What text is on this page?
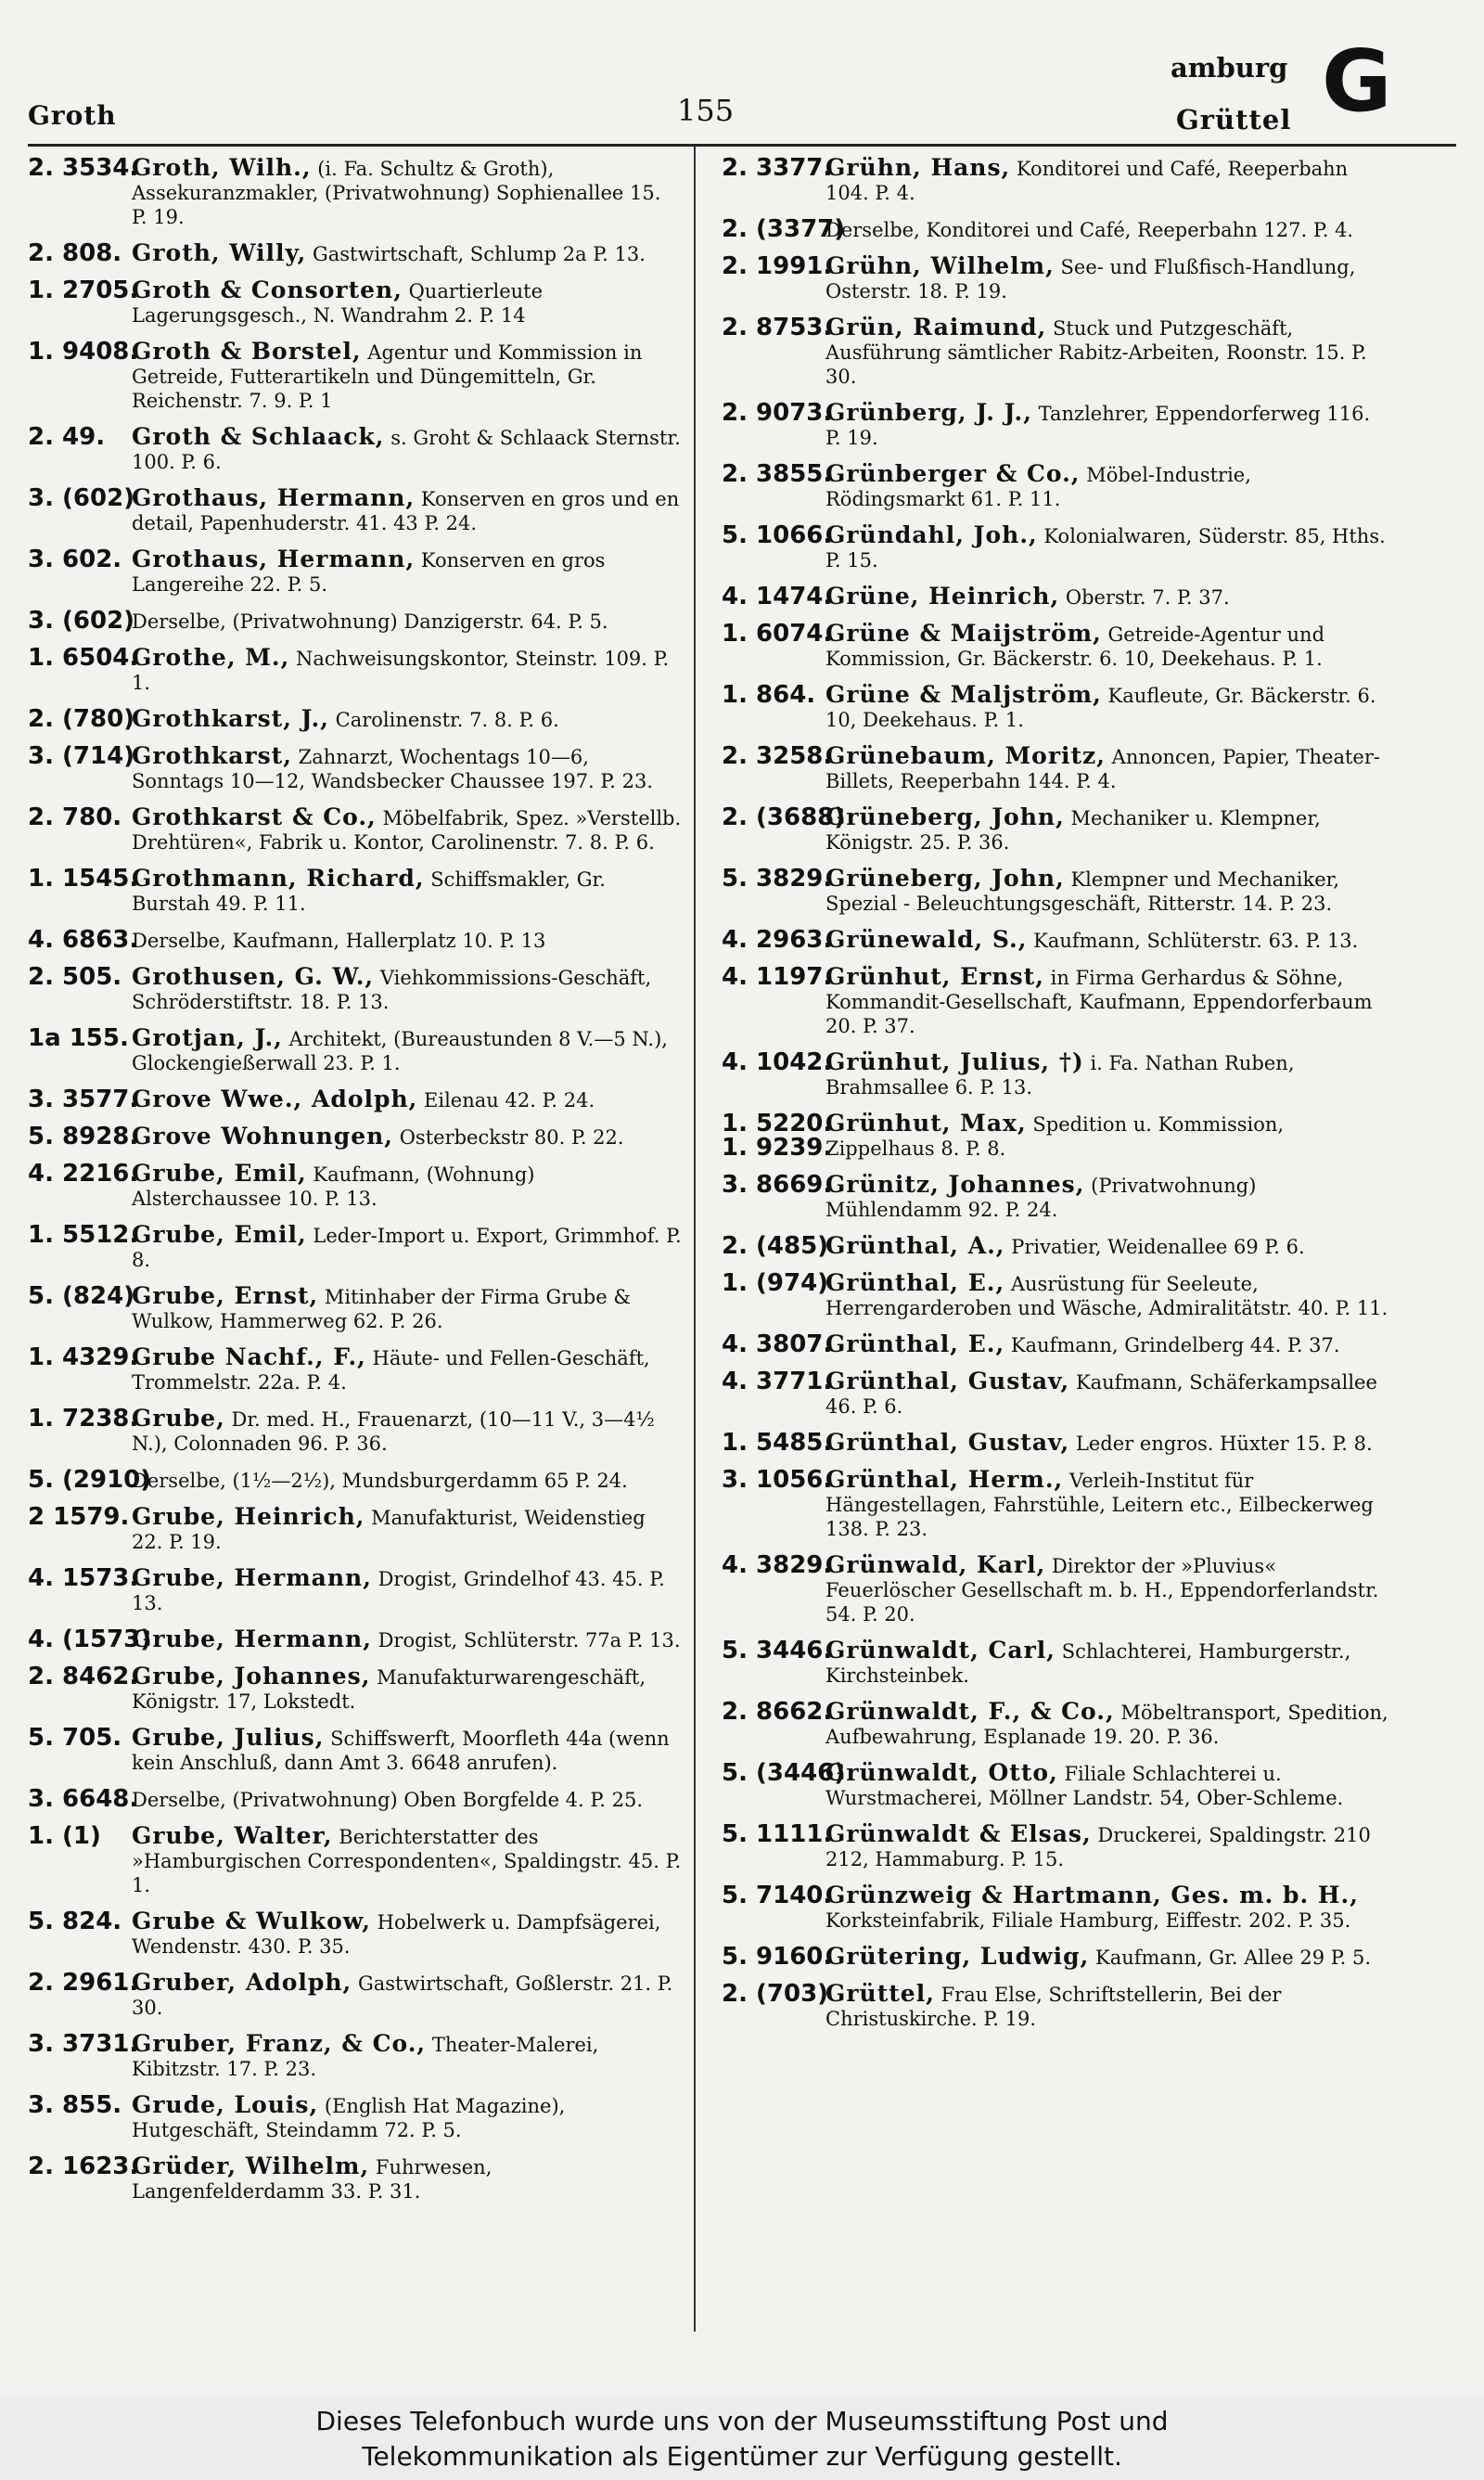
Groth	155
amburg
Grüttel G
2. 3534.
Groth, Wilh., (i. Fa. Schultz & Groth), Assekuranzmakler, (Privatwohnung) Sophienallee 15. P. 19.
2. 808. Groth, Willy, Gastwirtschaft, Schlump 2a P. 13.
1. 2705.
Groth & Consorten, Quartierleute Lagerungsgesch., N. Wandrahm 2. P. 14
1. 9408.
Groth & Borstel, Agentur und Kommission in Getreide, Futterartikeln und Düngemitteln, Gr. Reichenstr. 7. 9. P. 1
2. 49.	Groth & Schlaack, s. Groht & Schlaack Sternstr. 100. P. 6.
3. (602)
Grothaus, Hermann, Konserven en gros und en detail, Papenhuderstr. 41. 43 P. 24.
3. 602. Grothaus, Hermann, Konserven en gros Langereihe 22. P. 5.
3. (602)
Derselbe, (Privatwohnung) Danzigerstr. 64. P. 5.
1. 6504.
Grothe, M., Nachweisungskontor, Steinstr. 109. P. 1.
2. (780)
Grothkarst, J., Carolinenstr. 7. 8. P. 6.
3. (714)
Grothkarst, Zahnarzt, Wochentags 10—6, Sonntags 10—12, Wandsbecker Chaussee 197. P. 23.
2. 780. Grothkarst & Co., Möbelfabrik, Spez. »Verstellb. Drehtüren«, Fabrik u. Kontor, Carolinenstr. 7. 8. P. 6.
1. 1545.
Grothmann, Richard, Schiffsmakler, Gr. Burstah 49. P. 11.
4. 6863.
Derselbe, Kaufmann, Hallerplatz 10. P. 13
2. 505. Grothusen, G. W., Viehkommissions-Geschäft, Schröderstiftstr. 18. P. 13.
1a 155. Grotjan, J., Architekt, (Bureaustunden 8 V.—5 N.), Glockengießerwall 23. P. 1.
3. 3577.
Grove Wwe., Adolph, Eilenau 42. P. 24.
5. 8928.
Grove Wohnungen, Osterbeckstr 80. P. 22.
4. 2216.
Grube, Emil, Kaufmann, (Wohnung) Alsterchaussee 10. P. 13.
1. 5512.
Grube, Emil, Leder-Import u. Export, Grimmhof. P. 8.
5. (824)
Grube, Ernst, Mitinhaber der Firma Grube & Wulkow, Hammerweg 62. P. 26.
1. 4329.
Grube Nachf., F., Häute- und Fellen-Geschäft, Trommelstr. 22a. P. 4.
1. 7238.
Grube, Dr. med. H., Frauenarzt, (10—11 V., 3—4½ N.), Colonnaden 96. P. 36.
5. (2910)
Derselbe, (1½—2½), Mundsburgerdamm 65 P. 24.
2 1579. Grube, Heinrich, Manufakturist, Weidenstieg 22. P. 19.
4. 1573.
Grube, Hermann, Drogist, Grindelhof 43. 45. P. 13.
4. (1573)
Grube, Hermann, Drogist, Schlüterstr. 77a P. 13.
2. 8462.
Grube, Johannes, Manufakturwarengeschäft, Königstr. 17, Lokstedt.
5. 705. Grube, Julius, Schiffswerft, Moorfleth 44a (wenn kein Anschluß, dann Amt 3. 6648 anrufen).
3. 6648.
Derselbe, (Privatwohnung) Oben Borgfelde 4. P. 25.
1. (1)	Grube, Walter, Berichterstatter des »Hamburgischen Correspondenten«, Spaldingstr. 45. P. 1.
5. 824. Grube & Wulkow, Hobelwerk u. Dampfsägerei, Wendenstr. 430. P. 35.
2. 2961.
Gruber, Adolph, Gastwirtschaft, Goßlerstr. 21. P. 30.
3. 3731.
Gruber, Franz, & Co., Theater-Malerei, Kibitzstr. 17. P. 23.
3. 855. Grude, Louis, (English Hat Magazine), Hutgeschäft, Steindamm 72. P. 5.
2. 1623.
Grüder, Wilhelm, Fuhrwesen, Langenfelderdamm 33. P. 31.
2. 3377.
Grühn, Hans, Konditorei und Café, Reeperbahn 104. P. 4.
2. (3377)
Derselbe, Konditorei und Café, Reeperbahn 127. P. 4.
2. 1991.
Grühn, Wilhelm, See- und Flußfisch-Handlung, Osterstr. 18. P. 19.
2. 8753.
Grün, Raimund, Stuck und Putzgeschäft, Ausführung sämtlicher Rabitz-Arbeiten, Roonstr. 15. P. 30.
2. 9073.
Grünberg, J. J., Tanzlehrer, Eppendorferweg 116. P. 19.
2. 3855.
Grünberger & Co., Möbel-Industrie, Rödingsmarkt 61. P. 11.
5. 1066.
Gründahl, Joh., Kolonialwaren, Süderstr. 85, Hths. P. 15.
4. 1474.
Grüne, Heinrich, Oberstr. 7. P. 37.
1. 6074.
Grüne & Maijström, Getreide-Agentur und Kommission, Gr. Bäckerstr. 6. 10, Deekehaus. P. 1.
1. 864. Grüne & Maljström, Kaufleute, Gr. Bäckerstr. 6. 10, Deekehaus. P. 1.
2. 3258.
Grünebaum, Moritz, Annoncen, Papier, Theater-Billets, Reeperbahn 144. P. 4.
2. (3688)
Grüneberg, John, Mechaniker u. Klempner, Königstr. 25. P. 36.
5. 3829.
Grüneberg, John, Klempner und Mechaniker, Spezial - Beleuchtungsgeschäft, Ritterstr. 14. P. 23.
4. 2963.
Grünewald, S., Kaufmann, Schlüterstr. 63. P. 13.
4. 1197.
Grünhut, Ernst, in Firma Gerhardus & Söhne, Kommandit-Gesellschaft, Kaufmann, Eppendorferbaum 20. P. 37.
4. 1042.
Grünhut, Julius, †) i. Fa. Nathan Ruben, Brahmsallee 6. P. 13.
1. 5220.
1. 9239.
Grünhut, Max, Spedition u. Kommission, Zippelhaus 8. P. 8.
3. 8669.
Grünitz, Johannes, (Privatwohnung) Mühlendamm 92. P. 24.
2. (485)
Grünthal, A., Privatier, Weidenallee 69 P. 6.
1. (974)
Grünthal, E., Ausrüstung für Seeleute, Herrengarderoben und Wäsche, Admiralitätstr. 40. P. 11.
4. 3807.
Grünthal, E., Kaufmann, Grindelberg 44. P. 37.
4. 3771.
Grünthal, Gustav, Kaufmann, Schäferkampsallee 46. P. 6.
1. 5485.
Grünthal, Gustav, Leder engros. Hüxter 15. P. 8.
3. 1056.
Grünthal, Herm., Verleih-Institut für Hängestellagen, Fahrstühle, Leitern etc., Eilbeckerweg 138. P. 23.
4. 3829.
Grünwald, Karl, Direktor der »Pluvius« Feuerlöscher Gesellschaft m. b. H., Eppendorferlandstr. 54. P. 20.
5. 3446.
Grünwaldt, Carl, Schlachterei, Hamburgerstr., Kirchsteinbek.
2. 8662.
Grünwaldt, F., & Co., Möbeltransport, Spedition, Aufbewahrung, Esplanade 19. 20. P. 36.
5. (3446)
Grünwaldt, Otto, Filiale Schlachterei u. Wurstmacherei, Möllner Landstr. 54, Ober-Schleme.
5. 1111.
Grünwaldt & Elsas, Druckerei, Spaldingstr. 210 212, Hammaburg. P. 15.
5. 7140.
Grünzweig & Hartmann, Ges. m. b. H., Korksteinfabrik, Filiale Hamburg, Eiffestr. 202. P. 35.
5. 9160.
Grütering, Ludwig, Kaufmann, Gr. Allee 29 P. 5.
2. (703)
Grüttel, Frau Else, Schriftstellerin, Bei der Christuskirche. P. 19.
Dieses Telefonbuch wurde uns von der Museumsstiftung Post und
Telekommunikation als Eigentümer zur Verfügung gestellt.
